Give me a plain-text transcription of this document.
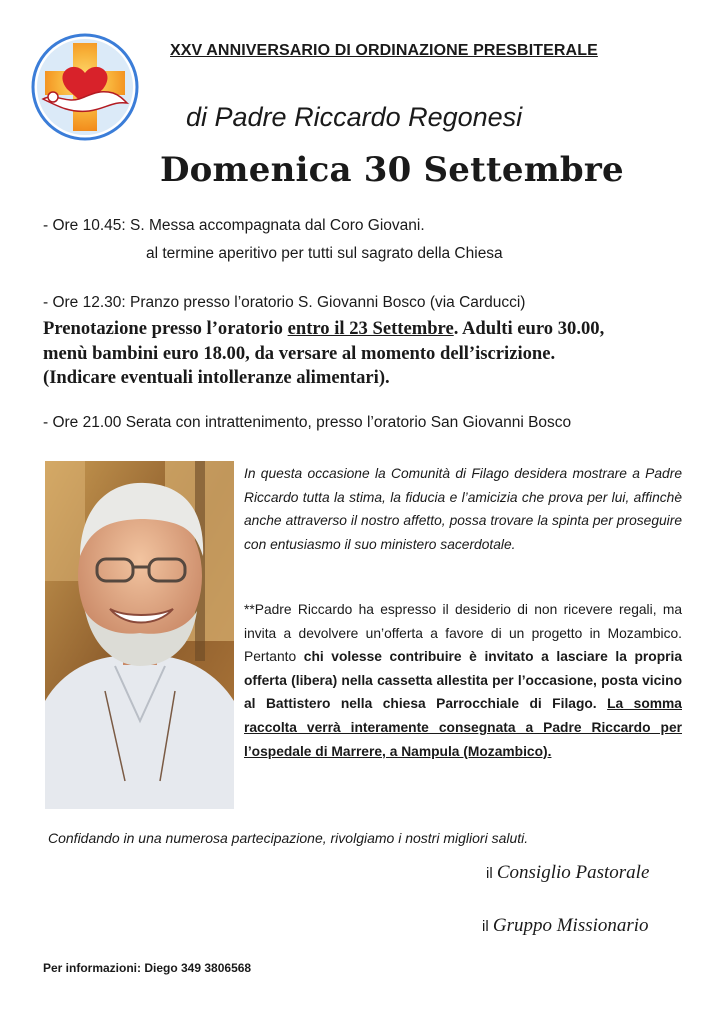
XXV ANNIVERSARIO DI ORDINAZIONE PRESBITERALE
di Padre Riccardo Regonesi
Domenica 30 Settembre
- Ore 10.45: S. Messa accompagnata dal Coro Giovani.
al termine aperitivo per tutti sul sagrato della Chiesa
- Ore 12.30: Pranzo presso l’oratorio S. Giovanni Bosco (via Carducci)
Prenotazione presso l’oratorio entro il 23 Settembre. Adulti euro 30.00,
menù bambini euro 18.00, da versare al momento dell’iscrizione.
(Indicare eventuali intolleranze alimentari).
- Ore 21.00 Serata con intrattenimento, presso l’oratorio San Giovanni Bosco
In questa occasione la Comunità di Filago desidera mostrare a Padre Riccardo tutta la stima, la fiducia e l’amicizia che prova per lui, affinchè anche attraverso il nostro affetto, possa trovare la spinta per proseguire con entusiasmo il suo ministero sacerdotale.
**Padre Riccardo ha espresso il desiderio di non ricevere regali, ma invita a devolvere un’offerta a favore di un progetto in Mozambico. Pertanto chi volesse contribuire è invitato a lasciare la propria offerta (libera) nella cassetta allestita per l’occasione, posta vicino al Battistero nella chiesa Parrocchiale di Filago. La somma raccolta verrà interamente consegnata a Padre Riccardo per l’ospedale di Marrere, a Nampula (Mozambico).
Confidando in una numerosa partecipazione, rivolgiamo i nostri migliori saluti.
il Consiglio Pastorale
il Gruppo Missionario
Per informazioni: Diego 349 3806568
